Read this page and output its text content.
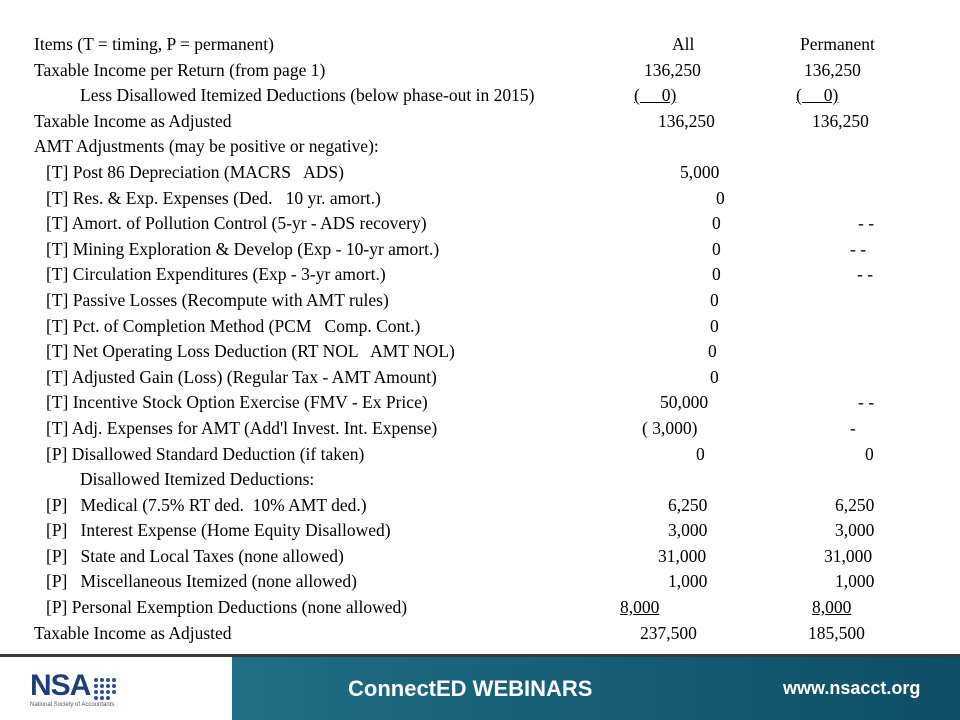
Items (T = timing, P = permanent)	All	Permanent
Taxable Income per Return (from page 1)	136,250	136,250
Less Disallowed Itemized Deductions (below phase-out in 2015)	(     0)	(     0)
Taxable Income as Adjusted	136,250	136,250
AMT Adjustments (may be positive or negative):
[T] Post 86 Depreciation (MACRS   ADS)	5,000
[T] Res. & Exp. Expenses (Ded.   10 yr. amort.)	0
[T] Amort. of Pollution Control (5-yr - ADS recovery)	0	- -
[T] Mining Exploration & Develop (Exp - 10-yr amort.)	0	- -
[T] Circulation Expenditures (Exp - 3-yr amort.)	0	- -
[T] Passive Losses (Recompute with AMT rules)	0
[T] Pct. of Completion Method (PCM   Comp. Cont.)	0
[T] Net Operating Loss Deduction (RT NOL   AMT NOL)	0
[T] Adjusted Gain (Loss) (Regular Tax - AMT Amount)	0
[T] Incentive Stock Option Exercise (FMV - Ex Price)	50,000	- -
[T] Adj. Expenses for AMT (Add'l Invest. Int. Expense)	( 3,000)	-
[P] Disallowed Standard Deduction (if taken)	0	0
Disallowed Itemized Deductions:
[P]   Medical (7.5% RT ded.  10% AMT ded.)	6,250	6,250
[P]   Interest Expense (Home Equity Disallowed)	3,000	3,000
[P]   State and Local Taxes (none allowed)	31,000	31,000
[P]   Miscellaneous Itemized (none allowed)	1,000	1,000
[P] Personal Exemption Deductions (none allowed)	8,000	8,000
Taxable Income as Adjusted	237,500	185,500
NSA
National Society of Accountants
ConnectED WEBINARS	www.nsacct.org
